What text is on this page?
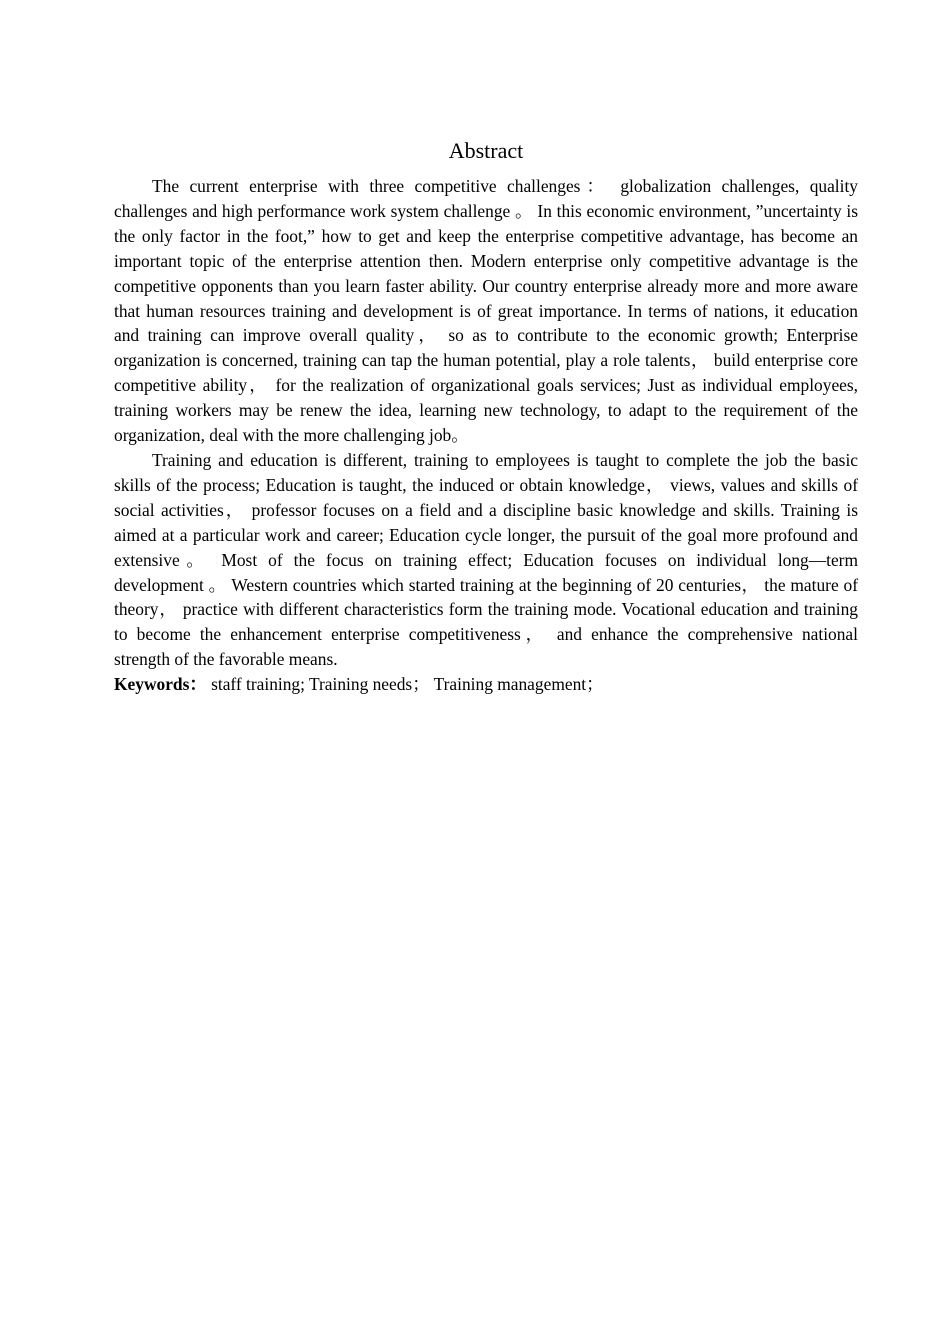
Abstract

The current enterprise with three competitive challenges： globalization challenges, quality challenges and high performance work system challenge 。 In this economic environment, ”uncertainty is the only factor in the foot,” how to get and keep the enterprise competitive advantage, has become an important topic of the enterprise attention then. Modern enterprise only competitive advantage is the competitive opponents than you learn faster ability. Our country enterprise already more and more aware that human resources training and development is of great importance. In terms of nations, it education and training can improve overall quality， so as to contribute to the economic growth; Enterprise organization is concerned, training can tap the human potential, play a role talents， build enterprise core competitive ability， for the realization of organizational goals services; Just as individual employees, training workers may be renew the idea, learning new technology, to adapt to the requirement of the organization, deal with the more challenging job。

Training and education is different, training to employees is taught to complete the job the basic skills of the process; Education is taught, the induced or obtain knowledge， views, values and skills of social activities， professor focuses on a field and a discipline basic knowledge and skills. Training is aimed at a particular work and career; Education cycle longer, the pursuit of the goal more profound and extensive。 Most of the focus on training effect; Education focuses on individual long—term development 。 Western countries which started training at the beginning of 20 centuries， the mature of theory， practice with different characteristics form the training mode. Vocational education and training to become the enhancement enterprise competitiveness， and enhance the comprehensive national strength of the favorable means.

Keywords： staff training; Training needs； Training management；
